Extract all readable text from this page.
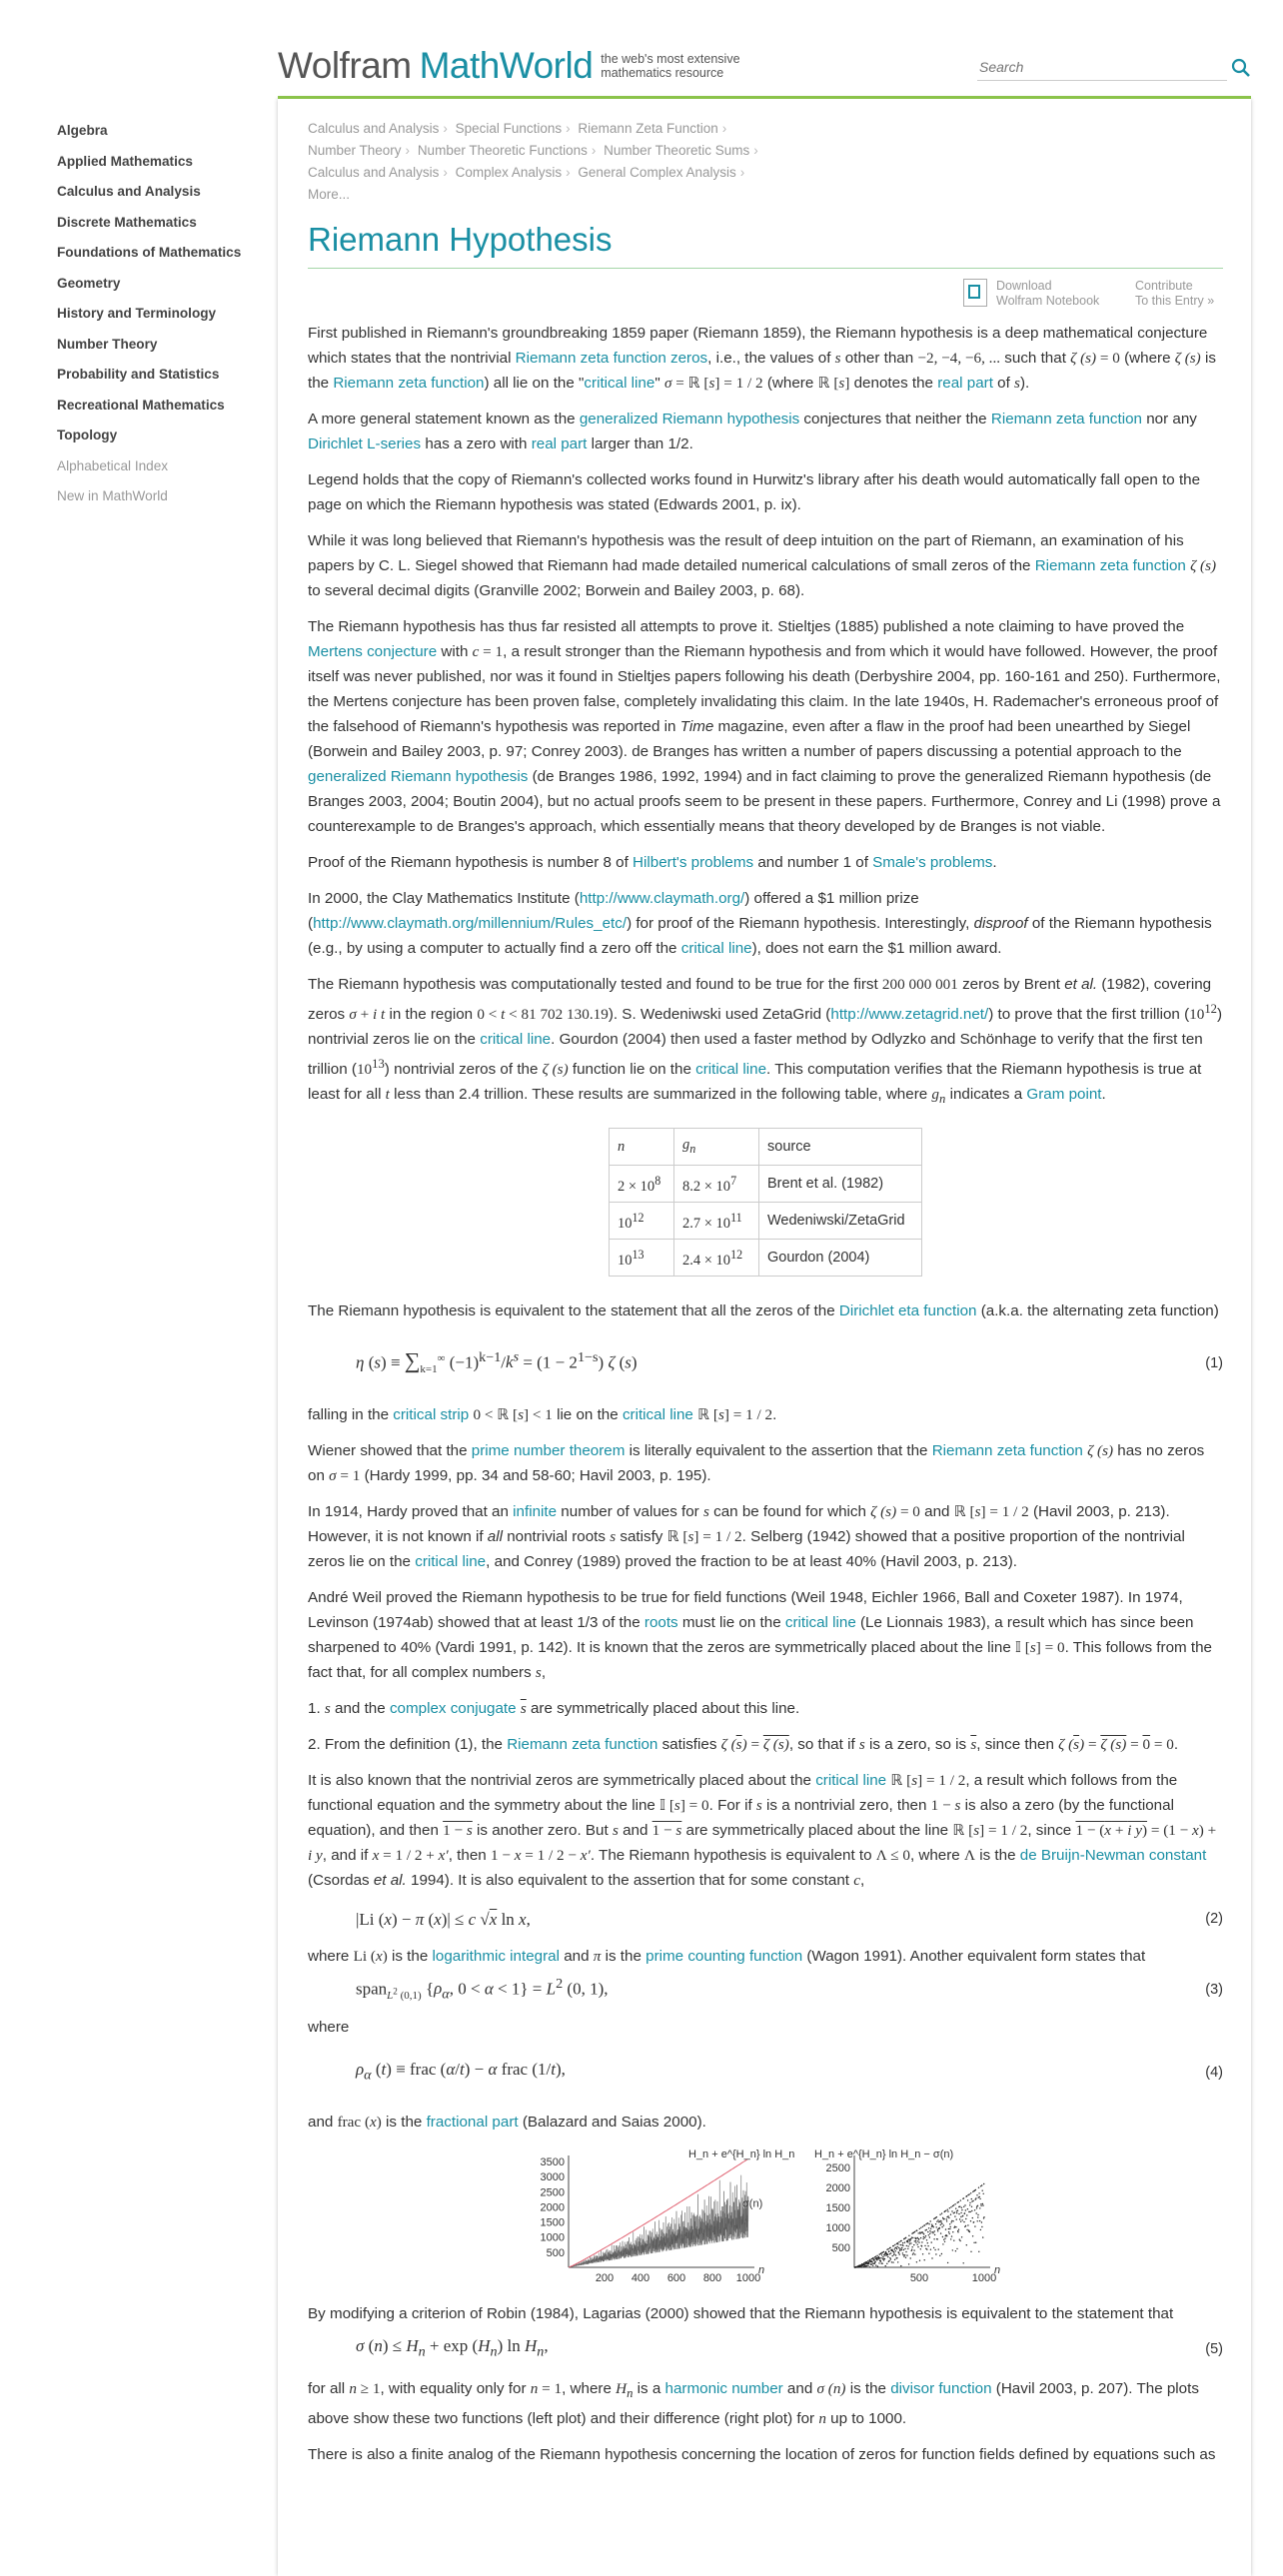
Wolfram MathWorld the web's most extensive
mathematics resource
Search
Algebra
Applied Mathematics
Calculus and Analysis
Discrete Mathematics
Foundations of Mathematics
Geometry
History and Terminology
Number Theory
Probability and Statistics
Recreational Mathematics
Topology
Alphabetical Index
New in MathWorld
Calculus and Analysis › Special Functions › Riemann Zeta Function ›
Number Theory › Number Theoretic Functions › Number Theoretic Sums ›
Calculus and Analysis › Complex Analysis › General Complex Analysis ›
More...
Riemann Hypothesis
Download
Wolfram Notebook
Contribute
To this Entry »

First published in Riemann's groundbreaking 1859 paper (Riemann 1859), the Riemann hypothesis is a deep mathematical conjecture which states that the nontrivial Riemann zeta function zeros, i.e., the values of s other than −2, −4, −6, ... such that ζ (s) = 0 (where ζ (s) is the Riemann zeta function) all lie on the "critical line" σ = ℝ [s] = 1 / 2 (where ℝ [s] denotes the real part of s).

A more general statement known as the generalized Riemann hypothesis conjectures that neither the Riemann zeta function nor any Dirichlet L-series has a zero with real part larger than 1/2.

Legend holds that the copy of Riemann's collected works found in Hurwitz's library after his death would automatically fall open to the page on which the Riemann hypothesis was stated (Edwards 2001, p. ix).

While it was long believed that Riemann's hypothesis was the result of deep intuition on the part of Riemann, an examination of his papers by C. L. Siegel showed that Riemann had made detailed numerical calculations of small zeros of the Riemann zeta function ζ (s) to several decimal digits (Granville 2002; Borwein and Bailey 2003, p. 68).

The Riemann hypothesis has thus far resisted all attempts to prove it. Stieltjes (1885) published a note claiming to have proved the Mertens conjecture with c = 1, a result stronger than the Riemann hypothesis and from which it would have followed. However, the proof itself was never published, nor was it found in Stieltjes papers following his death (Derbyshire 2004, pp. 160-161 and 250). Furthermore, the Mertens conjecture has been proven false, completely invalidating this claim. In the late 1940s, H. Rademacher's erroneous proof of the falsehood of Riemann's hypothesis was reported in Time magazine, even after a flaw in the proof had been unearthed by Siegel (Borwein and Bailey 2003, p. 97; Conrey 2003). de Branges has written a number of papers discussing a potential approach to the generalized Riemann hypothesis (de Branges 1986, 1992, 1994) and in fact claiming to prove the generalized Riemann hypothesis (de Branges 2003, 2004; Boutin 2004), but no actual proofs seem to be present in these papers. Furthermore, Conrey and Li (1998) prove a counterexample to de Branges's approach, which essentially means that theory developed by de Branges is not viable.

Proof of the Riemann hypothesis is number 8 of Hilbert's problems and number 1 of Smale's problems.

In 2000, the Clay Mathematics Institute (http://www.claymath.org/) offered a $1 million prize (http://www.claymath.org/millennium/Rules_etc/) for proof of the Riemann hypothesis. Interestingly, disproof of the Riemann hypothesis (e.g., by using a computer to actually find a zero off the critical line), does not earn the $1 million award.

The Riemann hypothesis was computationally tested and found to be true for the first 200 000 001 zeros by Brent et al. (1982), covering zeros σ + i t in the region 0 < t < 81 702 130.19). S. Wedeniwski used ZetaGrid (http://www.zetagrid.net/) to prove that the first trillion $(10^{12})$ nontrivial zeros lie on the critical line. Gourdon (2004) then used a faster method by Odlyzko and Schönhage to verify that the first ten trillion $(10^{13})$ nontrivial zeros of the ζ (s) function lie on the critical line. This computation verifies that the Riemann hypothesis is true at least for all t less than 2.4 trillion. These results are summarized in the following table, where $g_n$ indicates a Gram point.

n	$g_n$	source
$2 \times 10^8$	$8.2 \times 10^7$	Brent et al. (1982)
$10^{12}$	$2.7 \times 10^{11}$	Wedeniwski/ZetaGrid
$10^{13}$	$2.4 \times 10^{12}$	Gourdon (2004)

The Riemann hypothesis is equivalent to the statement that all the zeros of the Dirichlet eta function (a.k.a. the alternating zeta function)

η $(s) \equiv \sum_{k=1}^\infty$ $(-1)^{k-1}/k^s = (1 - 2^{1-s})$ ζ (s)	(1)

falling in the critical strip 0 < ℝ [s] < 1 lie on the critical line ℝ [s] = 1 / 2.

Wiener showed that the prime number theorem is literally equivalent to the assertion that the Riemann zeta function ζ (s) has no zeros on σ = 1 (Hardy 1999, pp. 34 and 58-60; Havil 2003, p. 195).

In 1914, Hardy proved that an infinite number of values for s can be found for which ζ (s) = 0 and ℝ [s] = 1 / 2 (Havil 2003, p. 213). However, it is not known if all nontrivial roots s satisfy ℝ [s] = 1 / 2. Selberg (1942) showed that a positive proportion of the nontrivial zeros lie on the critical line, and Conrey (1989) proved the fraction to be at least 40% (Havil 2003, p. 213).

André Weil proved the Riemann hypothesis to be true for field functions (Weil 1948, Eichler 1966, Ball and Coxeter 1987). In 1974, Levinson (1974ab) showed that at least 1/3 of the roots must lie on the critical line (Le Lionnais 1983), a result which has since been sharpened to 40% (Vardi 1991, p. 142). It is known that the zeros are symmetrically placed about the line 𝕀 [s] = 0. This follows from the fact that, for all complex numbers s,

1. s and the complex conjugate $\overline{s}$ are symmetrically placed about this line.

2. From the definition (1), the Riemann zeta function satisfies ζ $(\overline{s}) = \zeta$ (s), so that if s is a zero, so is $\overline{s}$, since then ζ $(\overline{s}) = \zeta$ (s) = 0 = 0.

It is also known that the nontrivial zeros are symmetrically placed about the critical line ℝ [s] = 1 / 2, a result which follows from the functional equation and the symmetry about the line 𝕀 [s] = 0. For if s is a nontrivial zero, then 1 − s is also a zero (by the functional equation), and then 1 − s is another zero. But s and 1 − s are symmetrically placed about the line ℝ [s] = 1 / 2, since 1 − (x + i y) = (1 − x) + i y, and if x = 1 / 2 + x′, then 1 − x = 1 / 2 − x′. The Riemann hypothesis is equivalent to Λ ≤ 0, where Λ is the de Bruijn-Newman constant (Csordas et al. 1994). It is also equivalent to the assertion that for some constant c,

|Li (x) − π (x)| ≤ c √x ln x,	(2)

where Li (x) is the logarithmic integral and π is the prime counting function (Wagon 1991). Another equivalent form states that

span$_{L^2 (0,1)}$ {$\rho_\alpha$, $0 < \alpha < 1\} = L^2$ (0, 1),	(3)

where

$\rho_\alpha$ (t) ≡ frac (α/t) − α frac (1/t),	(4)

and frac (x) is the fractional part (Balazard and Saias 2000).

3500
3000
2500
2000
1500
1000
500
200 400 600 800 1000
n
H_n + e^{H_n} ln H_n
σ(n)
2500
2000
1500
1000
500
500	1000
n
H_n + e^{H_n} ln H_n − σ(n)

By modifying a criterion of Robin (1984), Lagarias (2000) showed that the Riemann hypothesis is equivalent to the statement that

σ $(n) \le H_n + \exp (H_n)$ $\ln H_n$,	(5)

for all n ≥ 1, with equality only for n = 1, where $H_n$ is a harmonic number and σ (n) is the divisor function (Havil 2003, p. 207). The plots above show these two functions (left plot) and their difference (right plot) for n up to 1000.

There is also a finite analog of the Riemann hypothesis concerning the location of zeros for function fields defined by equations such as
